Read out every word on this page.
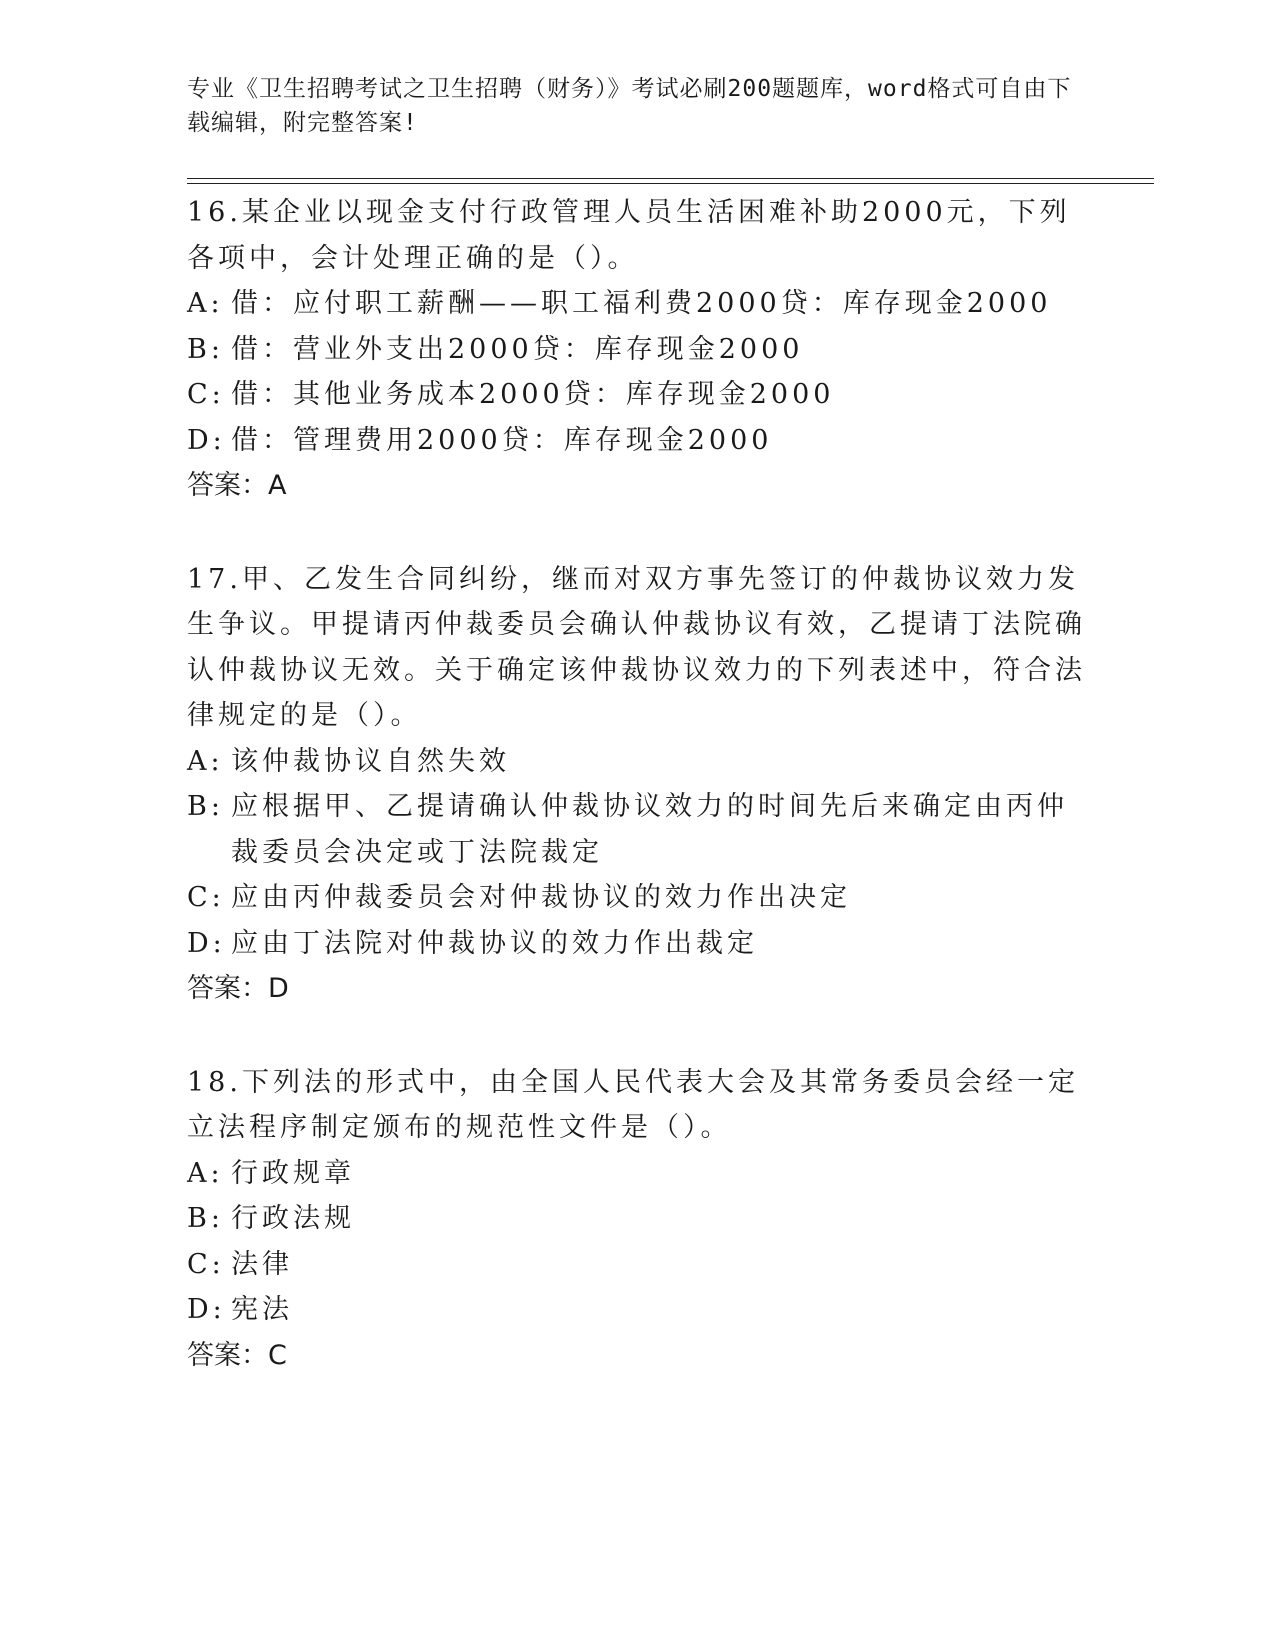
专业《卫生招聘考试之卫生招聘（财务）》考试必刷200题题库，word格式可自由下载编辑，附完整答案!

16.某企业以现金支付行政管理人员生活困难补助2000元，下列各项中，会计处理正确的是（）。

A: 借：应付职工薪酬——职工福利费2000贷：库存现金2000
B: 借：营业外支出2000贷：库存现金2000
C: 借：其他业务成本2000贷：库存现金2000
D: 借：管理费用2000贷：库存现金2000

答案：A

17.甲、乙发生合同纠纷，继而对双方事先签订的仲裁协议效力发生争议。甲提请丙仲裁委员会确认仲裁协议有效，乙提请丁法院确认仲裁协议无效。关于确定该仲裁协议效力的下列表述中，符合法律规定的是（）。

A: 该仲裁协议自然失效
B: 应根据甲、乙提请确认仲裁协议效力的时间先后来确定由丙仲裁委员会决定或丁法院裁定
C: 应由丙仲裁委员会对仲裁协议的效力作出决定
D: 应由丁法院对仲裁协议的效力作出裁定

答案：D

18.下列法的形式中，由全国人民代表大会及其常务委员会经一定立法程序制定颁布的规范性文件是（）。

A: 行政规章
B: 行政法规
C: 法律
D: 宪法

答案：C
